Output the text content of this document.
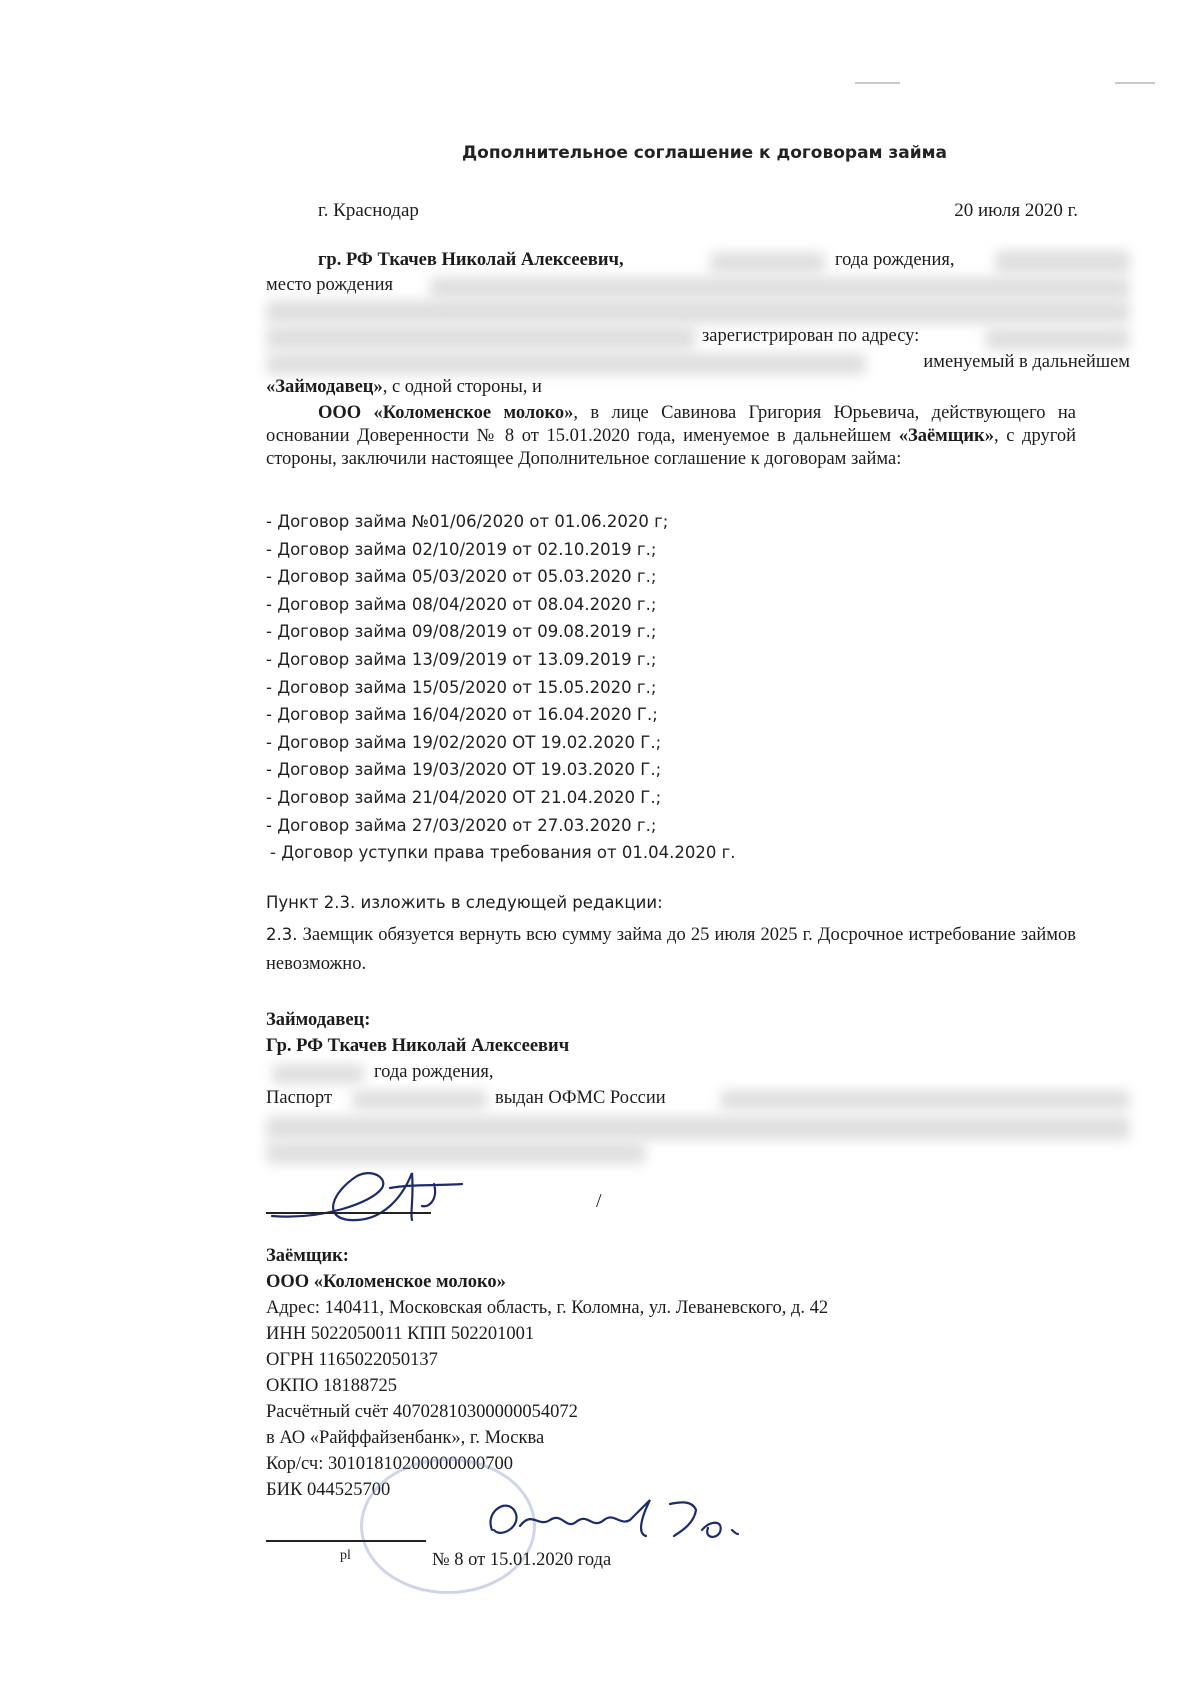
Дополнительное соглашение к договорам займа
г. Краснодар	20 июля 2020 г.
гр. РФ Ткачев Николай Алексеевич,	года рождения,
место рождения
зарегистрирован по адресу:
именуемый в дальнейшем
«Займодавец», с одной стороны, и
ООО «Коломенское молоко», в лице Савинова Григория Юрьевича, действующего на основании Доверенности № 8 от 15.01.2020 года, именуемое в дальнейшем «Заёмщик», с другой стороны, заключили настоящее Дополнительное соглашение к договорам займа:
- Договор займа №01/06/2020 от 01.06.2020 г;
- Договор займа 02/10/2019 от 02.10.2019 г.;
- Договор займа 05/03/2020 от 05.03.2020 г.;
- Договор займа 08/04/2020 от 08.04.2020 г.;
- Договор займа 09/08/2019 от 09.08.2019 г.;
- Договор займа 13/09/2019 от 13.09.2019 г.;
- Договор займа 15/05/2020 от 15.05.2020 г.;
- Договор займа 16/04/2020 от 16.04.2020 Г.;
- Договор займа 19/02/2020 ОТ 19.02.2020 Г.;
- Договор займа 19/03/2020 ОТ 19.03.2020 Г.;
- Договор займа 21/04/2020 ОТ 21.04.2020 Г.;
- Договор займа 27/03/2020 от 27.03.2020 г.;
- Договор уступки права требования от 01.04.2020 г.
Пункт 2.3. изложить в следующей редакции:
2.3. Заемщик обязуется вернуть всю сумму займа до 25 июля 2025 г. Досрочное истребование займов невозможно.
Займодавец:
Гр. РФ Ткачев Николай Алексеевич
года рождения,
Паспорт	выдан ОФМС России
/
Заёмщик:
ООО «Коломенское молоко»
Адрес: 140411, Московская область, г. Коломна, ул. Леваневского, д. 42
ИНН 5022050011 КПП 502201001
ОГРН 1165022050137
ОКПО 18188725
Расчётный счёт 40702810300000054072
в АО «Райффайзенбанк», г. Москва
Кор/сч: 30101810200000000700
БИК 044525700
pl	№ 8 от 15.01.2020 года
